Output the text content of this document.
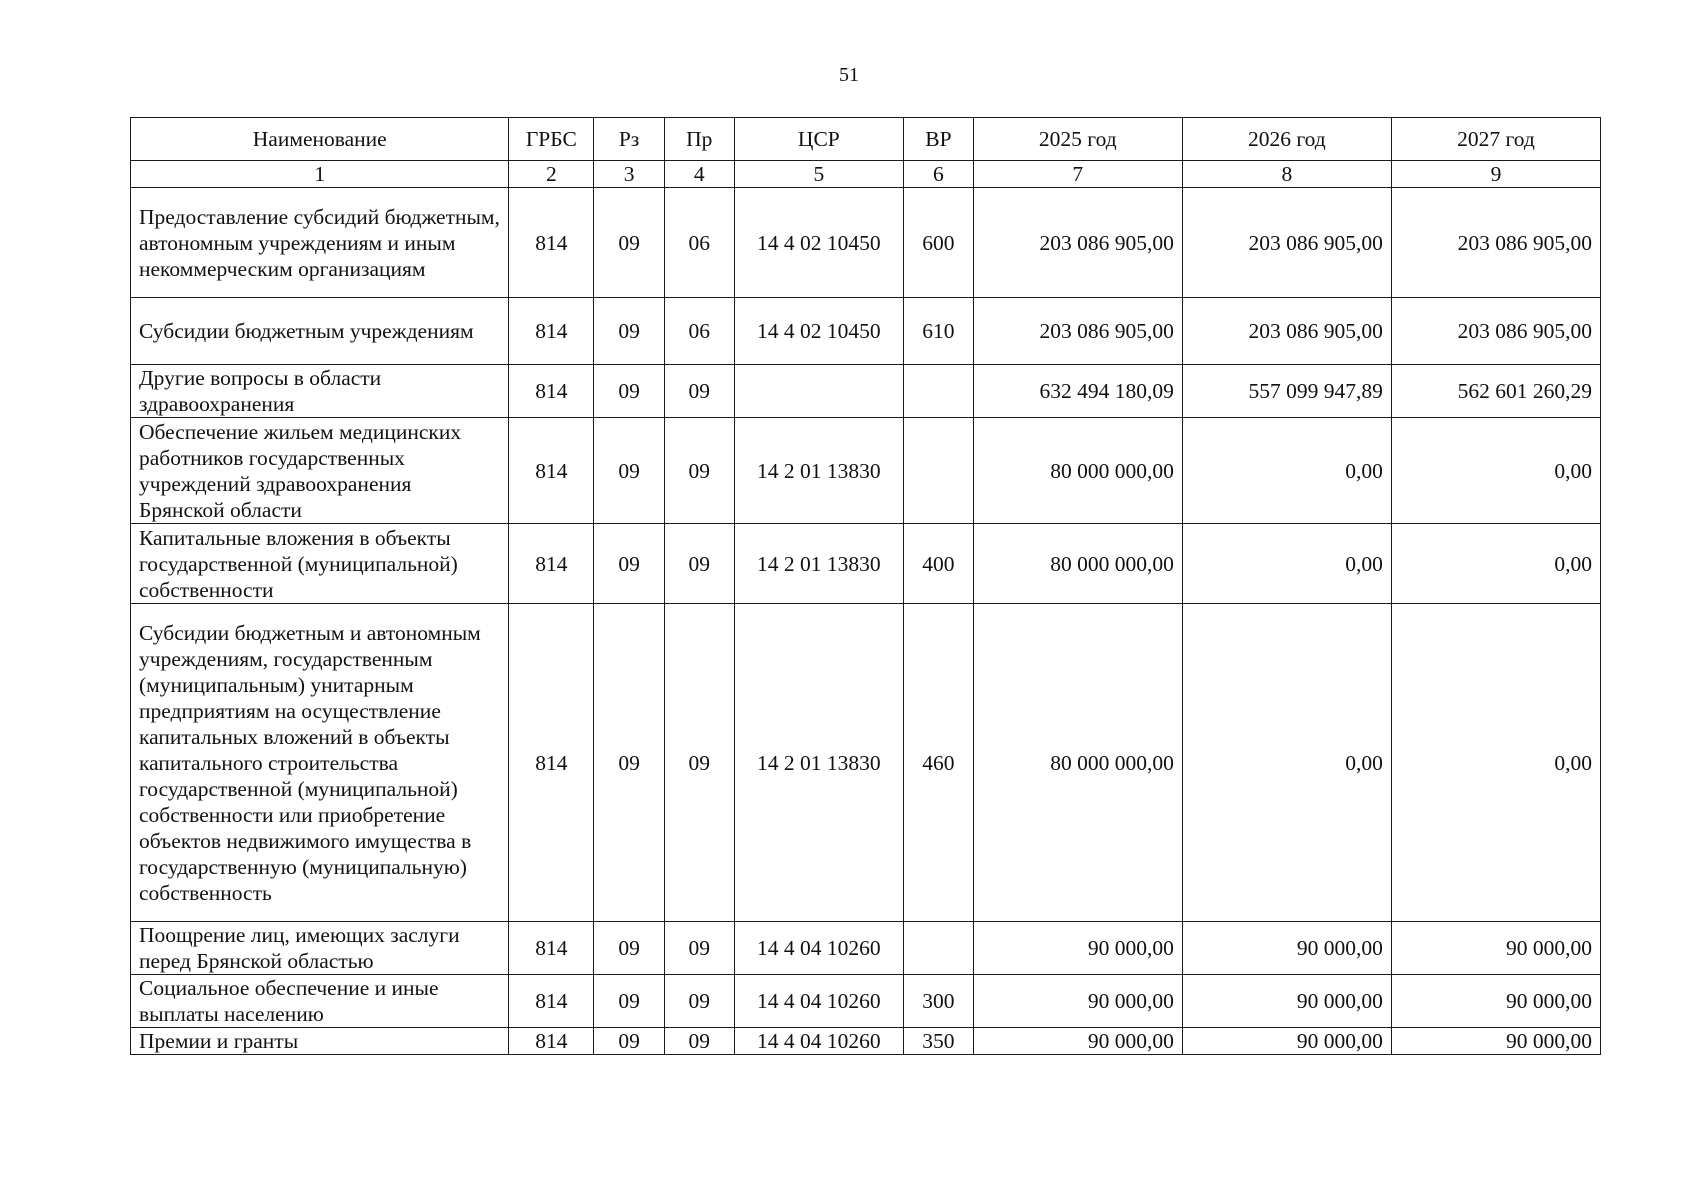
51
Наименование	ГРБС	Рз	Пр	ЦСР	ВР	2025 год	2026 год	2027 год
1	2	3	4	5	6	7	8	9
Предоставление субсидий бюджетным, автономным учреждениям и иным некоммерческим организациям	814	09	06	14 4 02 10450	600	203 086 905,00	203 086 905,00	203 086 905,00
Субсидии бюджетным учреждениям	814	09	06	14 4 02 10450	610	203 086 905,00	203 086 905,00	203 086 905,00
Другие вопросы в области здравоохранения	814	09	09			632 494 180,09	557 099 947,89	562 601 260,29
Обеспечение жильем медицинских работников государственных учреждений здравоохранения Брянской области	814	09	09	14 2 01 13830		80 000 000,00	0,00	0,00
Капитальные вложения в объекты государственной (муниципальной) собственности	814	09	09	14 2 01 13830	400	80 000 000,00	0,00	0,00
Субсидии бюджетным и автономным учреждениям, государственным (муниципальным) унитарным предприятиям на осуществление капитальных вложений в объекты капитального строительства государственной (муниципальной) собственности или приобретение объектов недвижимого имущества в государственную (муниципальную) собственность	814	09	09	14 2 01 13830	460	80 000 000,00	0,00	0,00
Поощрение лиц, имеющих заслуги перед Брянской областью	814	09	09	14 4 04 10260		90 000,00	90 000,00	90 000,00
Социальное обеспечение и иные выплаты населению	814	09	09	14 4 04 10260	300	90 000,00	90 000,00	90 000,00
Премии и гранты	814	09	09	14 4 04 10260	350	90 000,00	90 000,00	90 000,00
